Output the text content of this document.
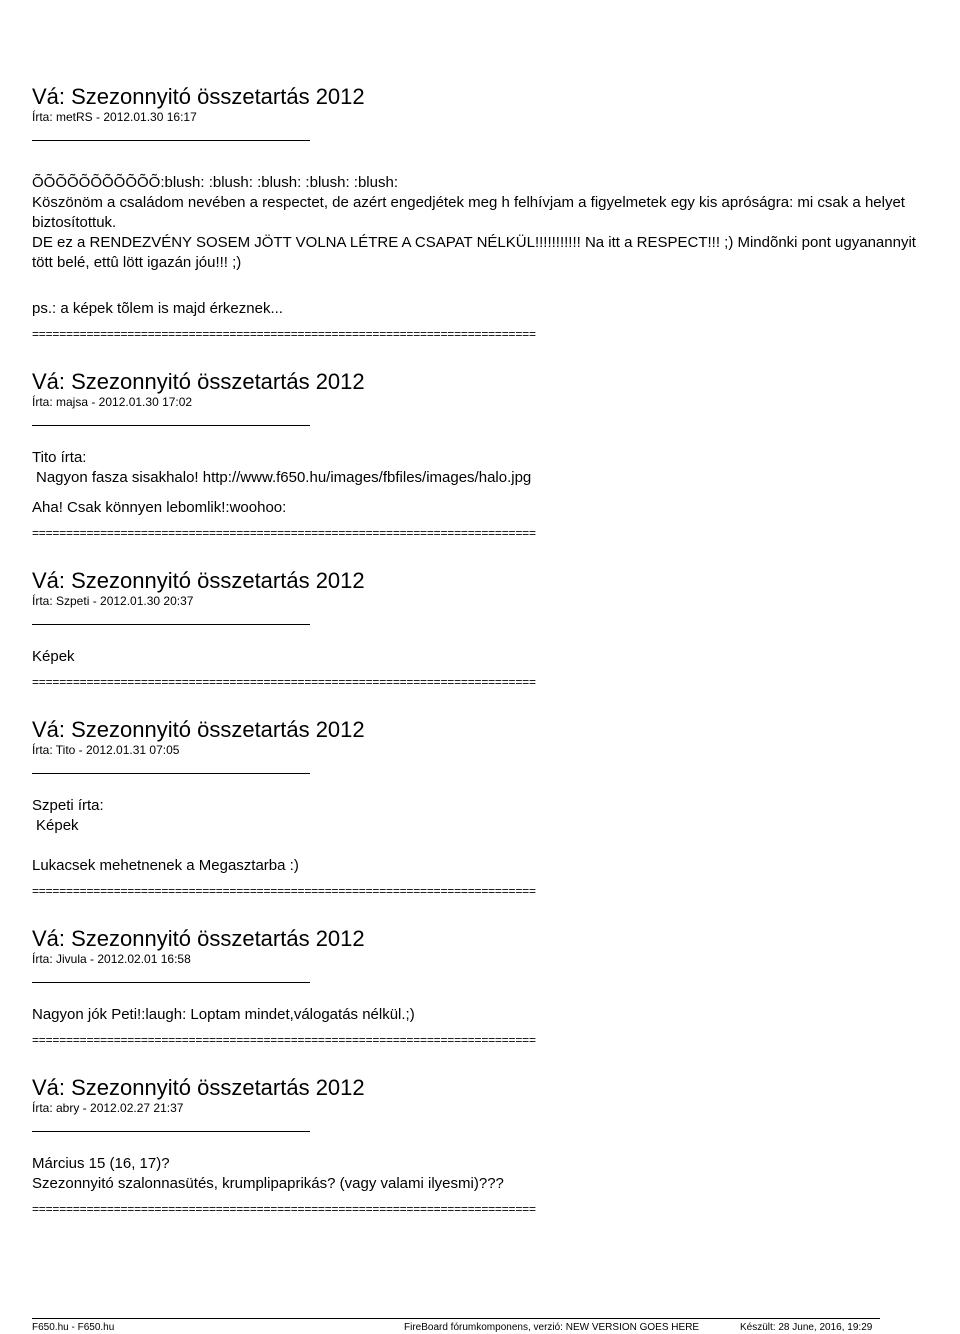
Vá: Szezonnyitó összetartás 2012
Írta: metRS - 2012.01.30 16:17

ÕÕÕÕÕÕÕÕÕÕÕ:blush: :blush: :blush: :blush: :blush:

Köszönöm a családom nevében a respectet, de azért engedjétek meg h felhívjam a figyelmetek egy kis apróságra: mi csak a helyet biztosítottuk.

DE ez a RENDEZVÉNY SOSEM JÖTT VOLNA LÉTRE A CSAPAT NÉLKÜL!!!!!!!!!!! Na itt a RESPECT!!! ;) Mindõnki pont ugyanannyit tött belé, ettû lött igazán jóu!!! ;)

ps.: a képek tõlem is majd érkeznek...

==========================================================================
Vá: Szezonnyitó összetartás 2012
Írta: majsa - 2012.01.30 17:02
Tito írta:
Nagyon fasza sisakhalo! http://www.f650.hu/images/fbfiles/images/halo.jpg

Aha! Csak könnyen lebomlik!:woohoo:

==========================================================================
Vá: Szezonnyitó összetartás 2012
Írta: Szpeti - 2012.01.30 20:37

Képek

==========================================================================
Vá: Szezonnyitó összetartás 2012
Írta: Tito - 2012.01.31 07:05
Szpeti írta:
Képek

Lukacsek mehetnenek a Megasztarba :)

==========================================================================
Vá: Szezonnyitó összetartás 2012
Írta: Jivula - 2012.02.01 16:58

Nagyon jók Peti!:laugh: Loptam mindet,válogatás nélkül.;)

==========================================================================
Vá: Szezonnyitó összetartás 2012
Írta: abry - 2012.02.27 21:37

Március 15 (16, 17)?

Szezonnyitó szalonnasütés, krumplipaprikás? (vagy valami ilyesmi)???

==========================================================================
F650.hu - F650.hu	FireBoard fórumkomponens, verzió: NEW VERSION GOES HERE	Készült: 28 June, 2016, 19:29
